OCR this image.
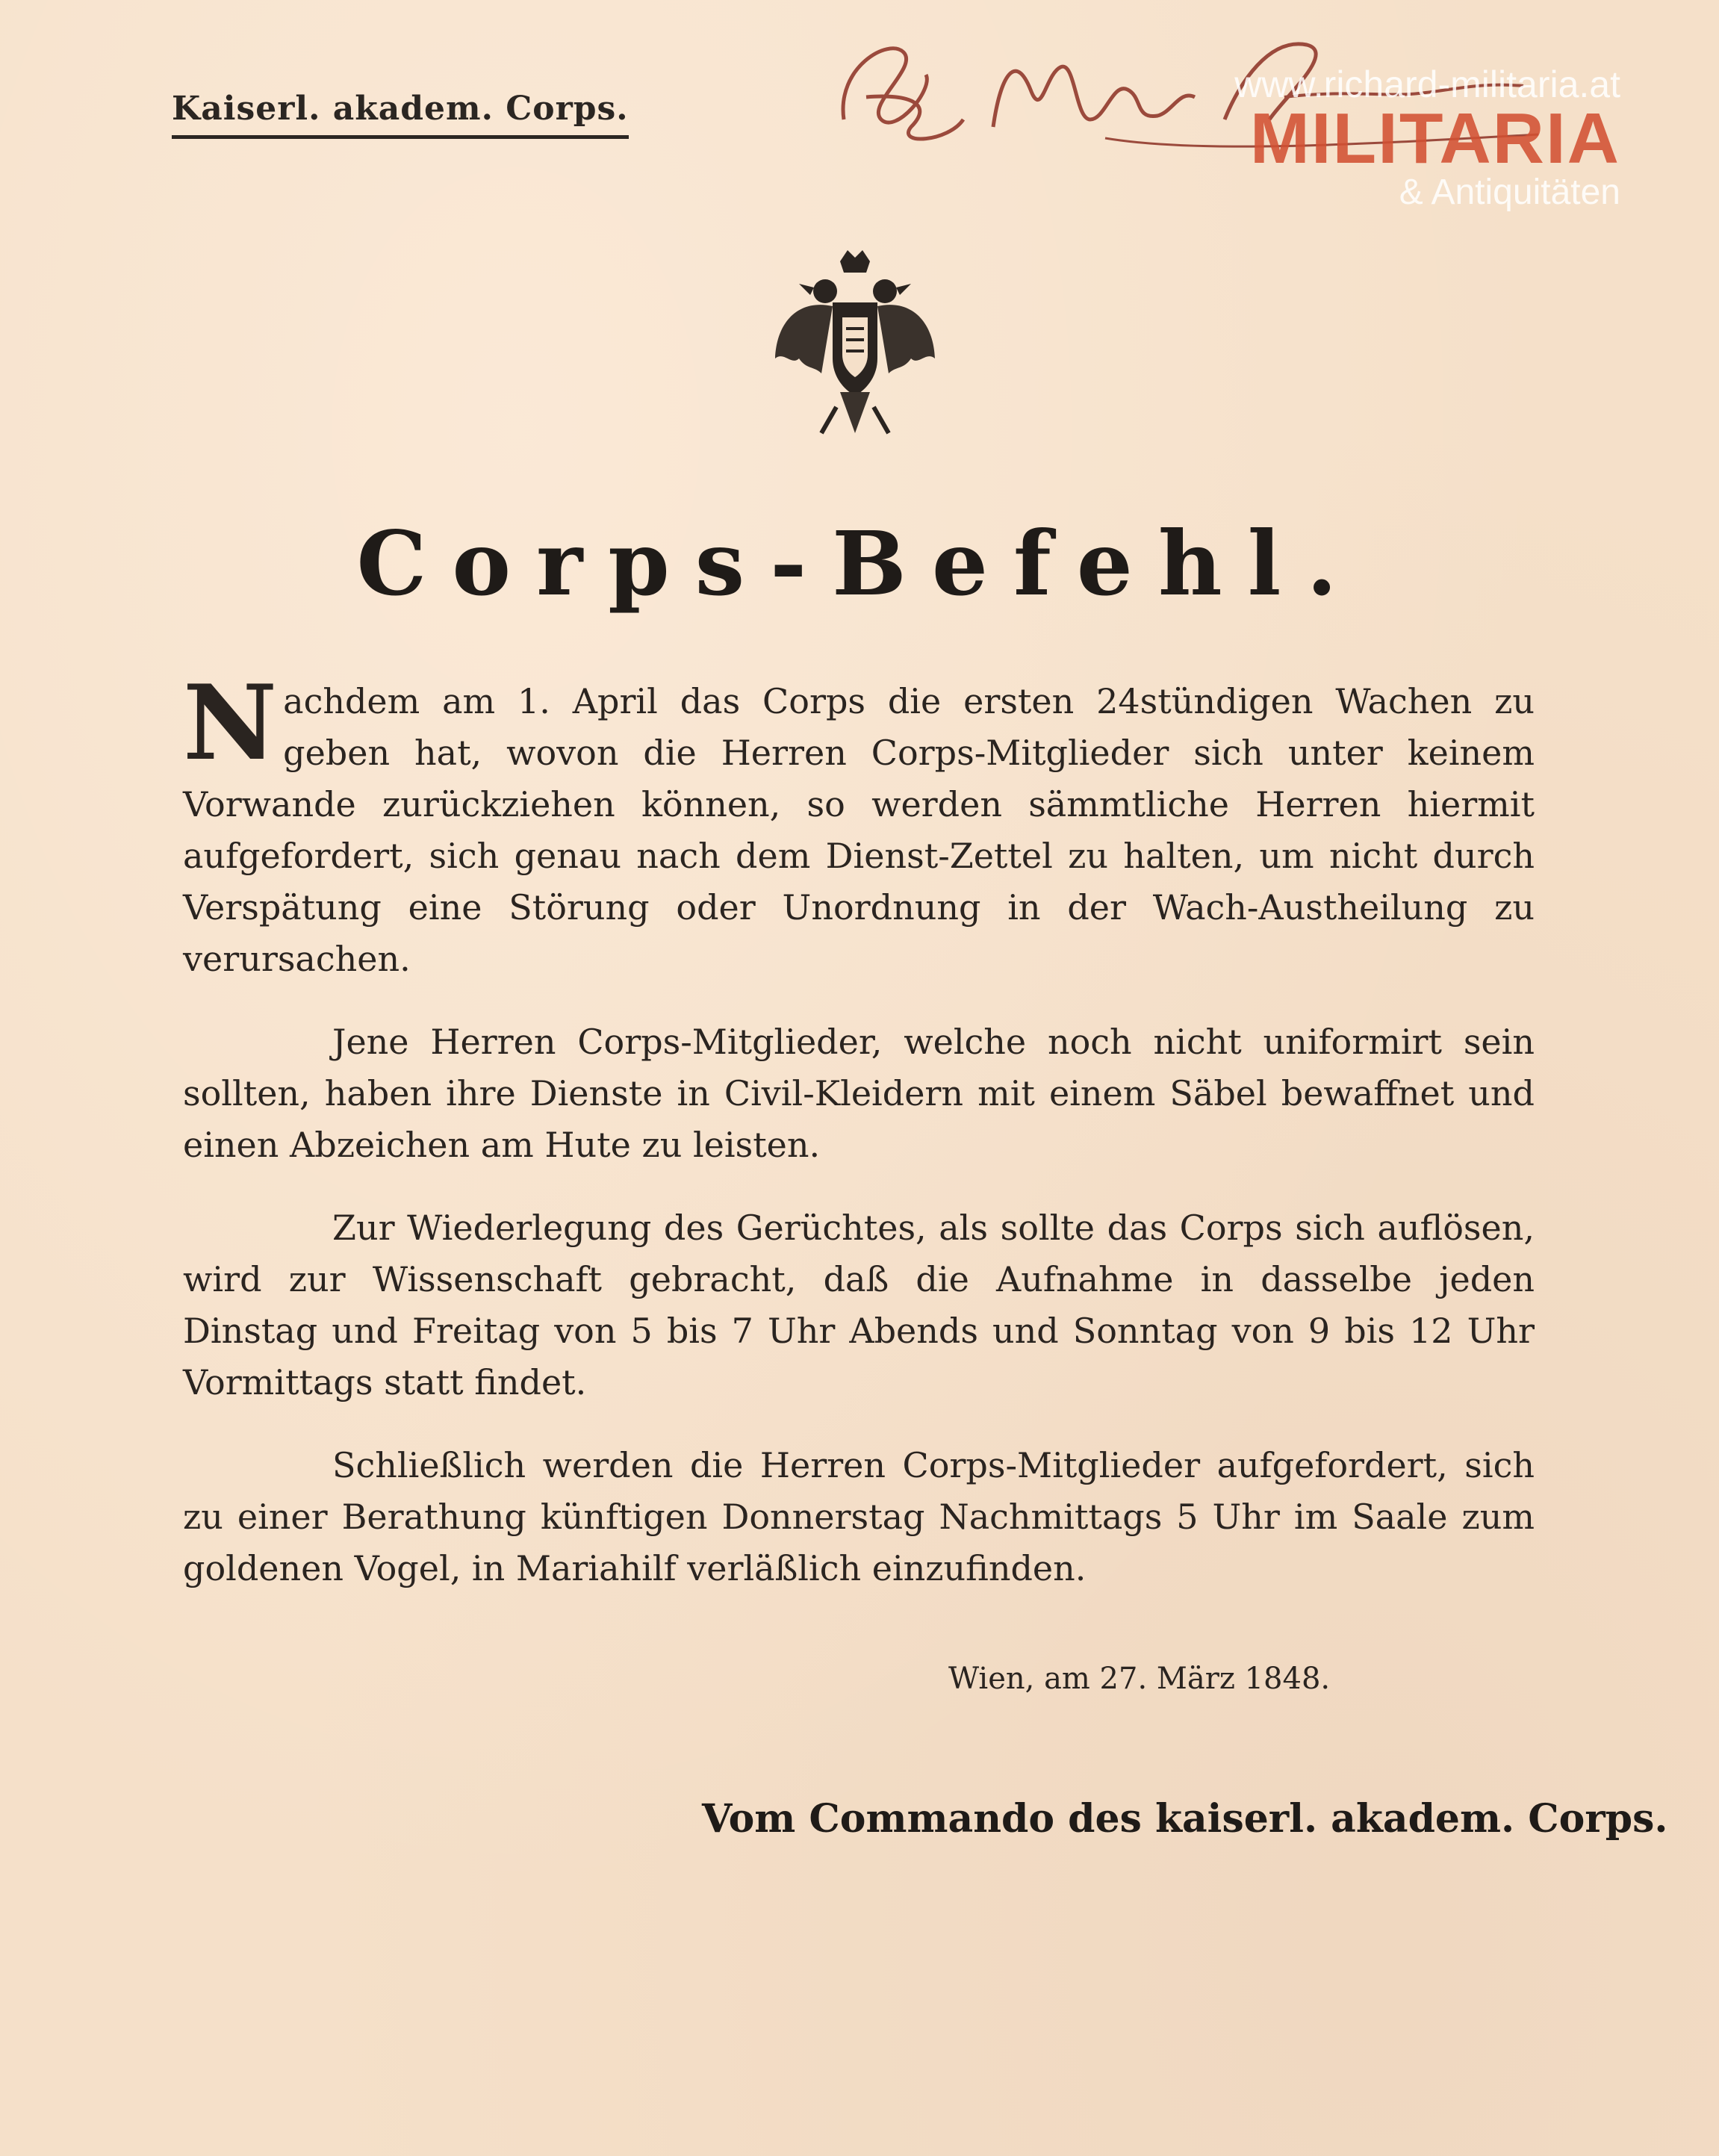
Kaiserl. akadem. Corps.
www.richard-militaria.at
MILITARIA
& Antiquitäten
Corps-Befehl.

Nachdem am 1. April das Corps die ersten 24stündigen Wachen zu geben hat, wovon die Herren Corps-Mitglieder sich unter keinem Vorwande zurückziehen können, so werden sämmtliche Herren hiermit aufgefordert, sich genau nach dem Dienst-Zettel zu halten, um nicht durch Verspätung eine Störung oder Unordnung in der Wach-Austheilung zu verursachen.

Jene Herren Corps-Mitglieder, welche noch nicht uniformirt sein sollten, haben ihre Dienste in Civil-Kleidern mit einem Säbel bewaffnet und einen Abzeichen am Hute zu leisten.

Zur Wiederlegung des Gerüchtes, als sollte das Corps sich auflösen, wird zur Wissenschaft gebracht, daß die Aufnahme in dasselbe jeden Dinstag und Freitag von 5 bis 7 Uhr Abends und Sonntag von 9 bis 12 Uhr Vormittags statt findet.

Schließlich werden die Herren Corps-Mitglieder aufgefordert, sich zu einer Berathung künftigen Donnerstag Nachmittags 5 Uhr im Saale zum goldenen Vogel, in Mariahilf verläßlich einzufinden.

Wien, am 27. März 1848.
Vom Commando des kaiserl. akadem. Corps.
